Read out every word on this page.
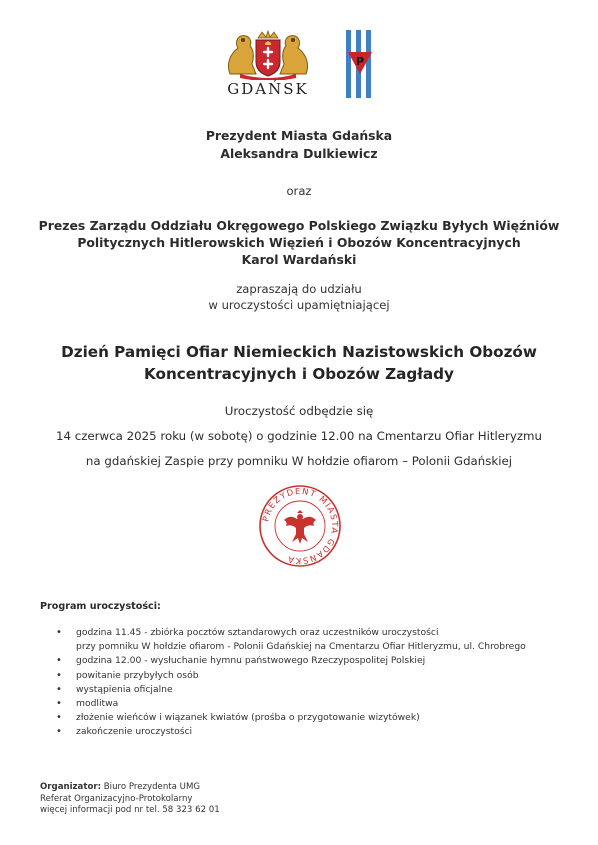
GDAŃSK
P
Prezydent Miasta Gdańska
Aleksandra Dulkiewicz
oraz
Prezes Zarządu Oddziału Okręgowego Polskiego Związku Byłych Więźniów
Politycznych Hitlerowskich Więzień i Obozów Koncentracyjnych
Karol Wardański
zapraszają do udziału
w uroczystości upamiętniającej
Dzień Pamięci Ofiar Niemieckich Nazistowskich Obozów
Koncentracyjnych i Obozów Zagłady
Uroczystość odbędzie się
14 czerwca 2025 roku (w sobotę) o godzinie 12.00 na Cmentarzu Ofiar Hitleryzmu
na gdańskiej Zaspie przy pomniku W hołdzie ofiarom – Polonii Gdańskiej
PREZYDENT MIASTA GDAŃSKA
Program uroczystości:
• godzina 11.45 - zbiórka pocztów sztandarowych oraz uczestników uroczystości
przy pomniku W hołdzie ofiarom - Polonii Gdańskiej na Cmentarzu Ofiar Hitleryzmu, ul. Chrobrego
• godzina 12.00 - wysłuchanie hymnu państwowego Rzeczypospolitej Polskiej
• powitanie przybyłych osób
• wystąpienia oficjalne
• modlitwa
• złożenie wieńców i wiązanek kwiatów (prośba o przygotowanie wizytówek)
• zakończenie uroczystości
Organizator: Biuro Prezydenta UMG
Referat Organizacyjno-Protokolarny
więcej informacji pod nr tel. 58 323 62 01
